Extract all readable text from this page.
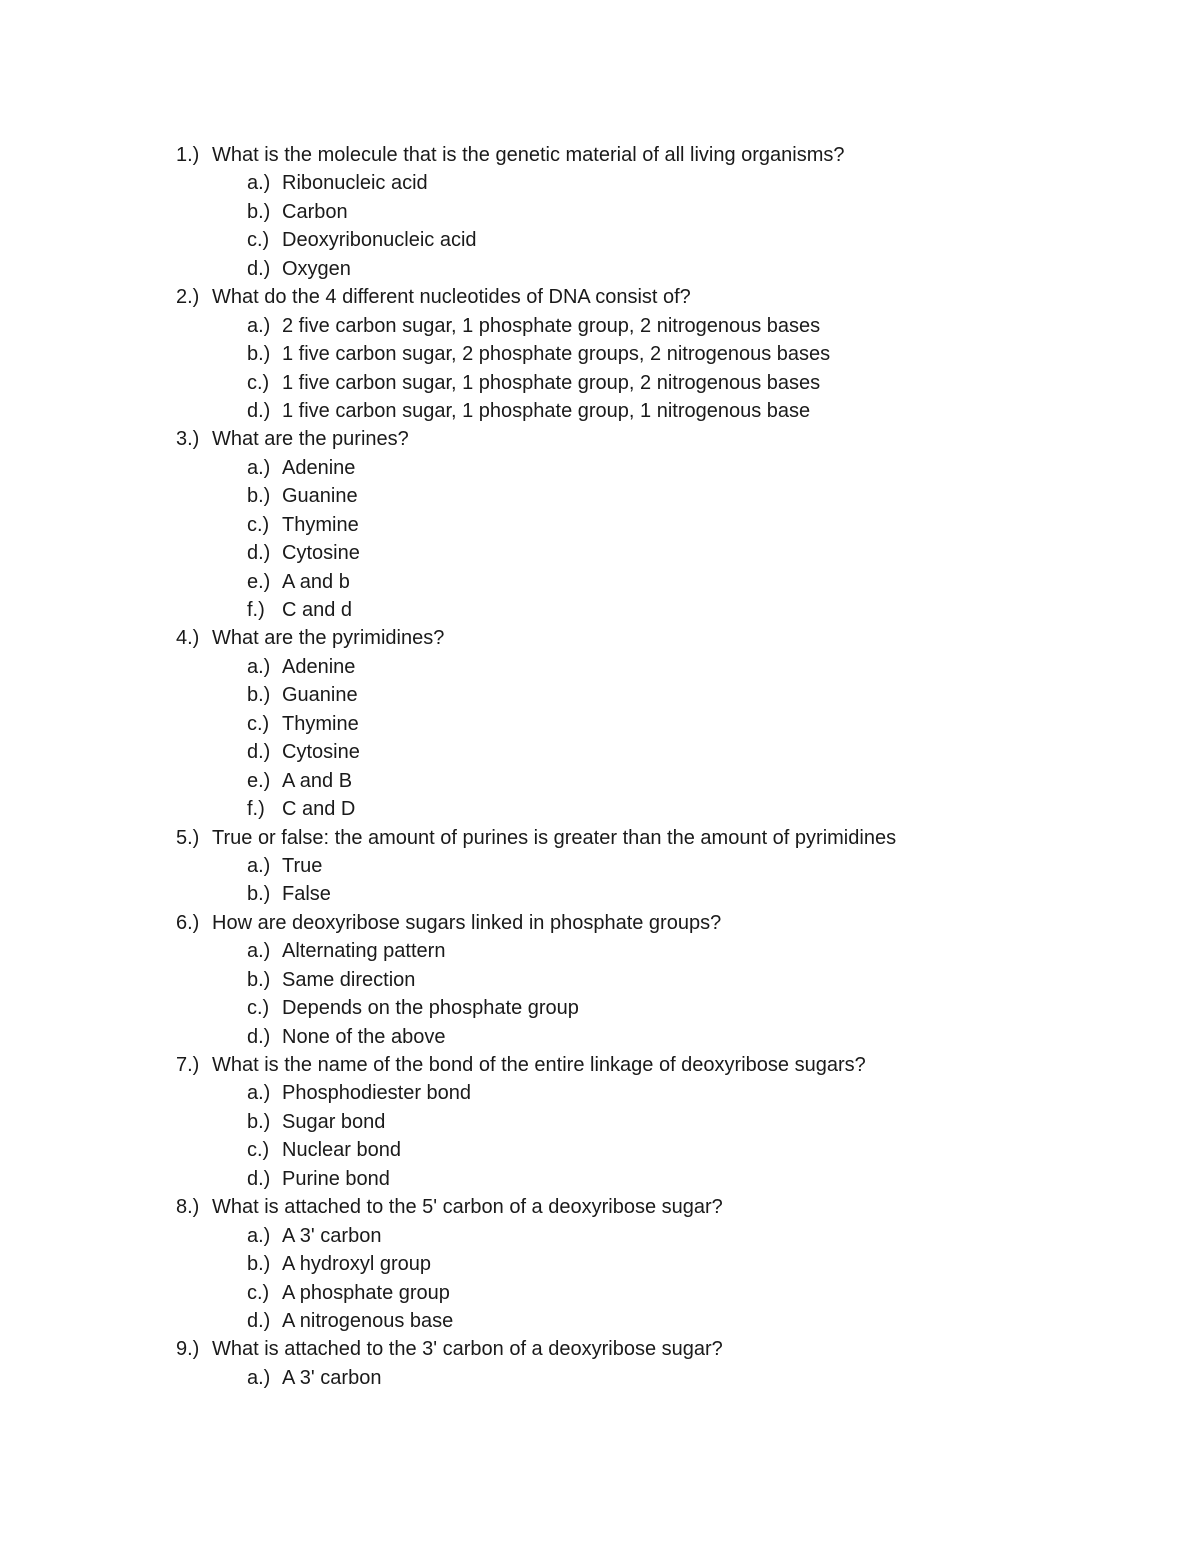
1.) What is the molecule that is the genetic material of all living organisms?
a.) Ribonucleic acid
b.) Carbon
c.) Deoxyribonucleic acid
d.) Oxygen
2.) What do the 4 different nucleotides of DNA consist of?
a.) 2 five carbon sugar, 1 phosphate group, 2 nitrogenous bases
b.) 1 five carbon sugar, 2 phosphate groups, 2 nitrogenous bases
c.) 1 five carbon sugar, 1 phosphate group, 2 nitrogenous bases
d.) 1 five carbon sugar, 1 phosphate group, 1 nitrogenous base
3.) What are the purines?
a.) Adenine
b.) Guanine
c.) Thymine
d.) Cytosine
e.) A and b
f.) C and d
4.) What are the pyrimidines?
a.) Adenine
b.) Guanine
c.) Thymine
d.) Cytosine
e.) A and B
f.) C and D
5.) True or false: the amount of purines is greater than the amount of pyrimidines
a.) True
b.) False
6.) How are deoxyribose sugars linked in phosphate groups?
a.) Alternating pattern
b.) Same direction
c.) Depends on the phosphate group
d.) None of the above
7.) What is the name of the bond of the entire linkage of deoxyribose sugars?
a.) Phosphodiester bond
b.) Sugar bond
c.) Nuclear bond
d.) Purine bond
8.) What is attached to the 5' carbon of a deoxyribose sugar?
a.) A 3' carbon
b.) A hydroxyl group
c.) A phosphate group
d.) A nitrogenous base
9.) What is attached to the 3' carbon of a deoxyribose sugar?
a.) A 3' carbon
